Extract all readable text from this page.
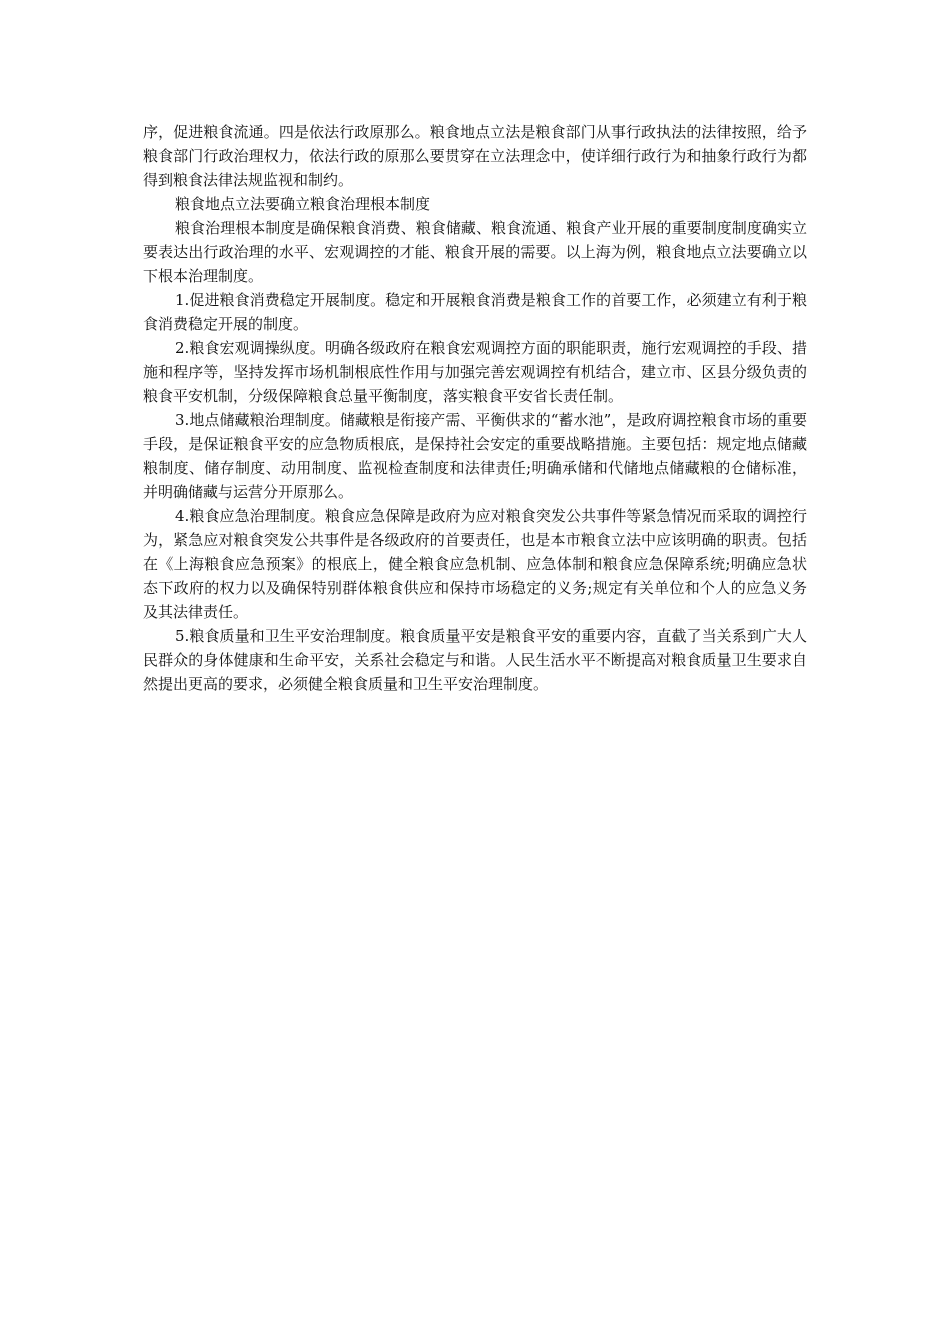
序，促进粮食流通。四是依法行政原那么。粮食地点立法是粮食部门从事行政执法的法律按照，给予粮食部门行政治理权力，依法行政的原那么要贯穿在立法理念中，使详细行政行为和抽象行政行为都得到粮食法律法规监视和制约。

粮食地点立法要确立粮食治理根本制度

粮食治理根本制度是确保粮食消费、粮食储藏、粮食流通、粮食产业开展的重要制度制度确实立要表达出行政治理的水平、宏观调控的才能、粮食开展的需要。以上海为例，粮食地点立法要确立以下根本治理制度。

1.促进粮食消费稳定开展制度。稳定和开展粮食消费是粮食工作的首要工作，必须建立有利于粮食消费稳定开展的制度。

2.粮食宏观调操纵度。明确各级政府在粮食宏观调控方面的职能职责，施行宏观调控的手段、措施和程序等，坚持发挥市场机制根底性作用与加强完善宏观调控有机结合，建立市、区县分级负责的粮食平安机制，分级保障粮食总量平衡制度，落实粮食平安省长责任制。

3.地点储藏粮治理制度。储藏粮是衔接产需、平衡供求的“蓄水池”，是政府调控粮食市场的重要手段，是保证粮食平安的应急物质根底，是保持社会安定的重要战略措施。主要包括：规定地点储藏粮制度、储存制度、动用制度、监视检查制度和法律责任;明确承储和代储地点储藏粮的仓储标准，并明确储藏与运营分开原那么。

4.粮食应急治理制度。粮食应急保障是政府为应对粮食突发公共事件等紧急情况而采取的调控行为，紧急应对粮食突发公共事件是各级政府的首要责任，也是本市粮食立法中应该明确的职责。包括在《上海粮食应急预案》的根底上，健全粮食应急机制、应急体制和粮食应急保障系统;明确应急状态下政府的权力以及确保特别群体粮食供应和保持市场稳定的义务;规定有关单位和个人的应急义务及其法律责任。

5.粮食质量和卫生平安治理制度。粮食质量平安是粮食平安的重要内容，直截了当关系到广大人民群众的身体健康和生命平安，关系社会稳定与和谐。人民生活水平不断提高对粮食质量卫生要求自然提出更高的要求，必须健全粮食质量和卫生平安治理制度。
